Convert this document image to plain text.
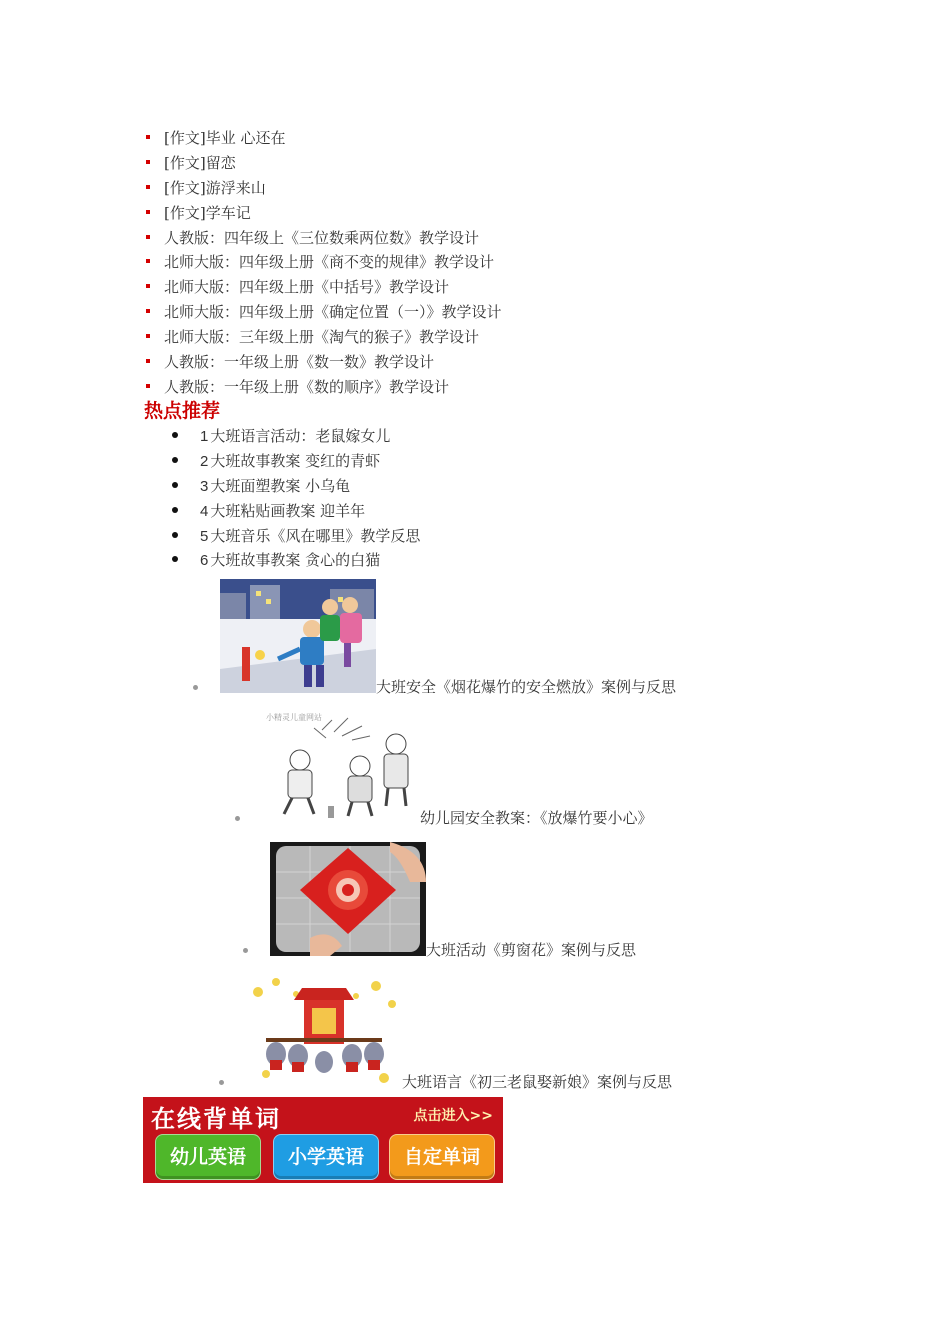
[作文]毕业 心还在
[作文]留恋
[作文]游浮来山
[作文]学车记
人教版：四年级上《三位数乘两位数》教学设计
北师大版：四年级上册《商不变的规律》教学设计
北师大版：四年级上册《中括号》教学设计
北师大版：四年级上册《确定位置（一）》教学设计
北师大版：三年级上册《淘气的猴子》教学设计
人教版：一年级上册《数一数》教学设计
人教版：一年级上册《数的顺序》教学设计
热点推荐
1 大班语言活动：老鼠嫁女儿
2 大班故事教案 变红的青虾
3 大班面塑教案 小乌龟
4 大班粘贴画教案 迎羊年
5 大班音乐《风在哪里》教学反思
6 大班故事教案 贪心的白猫
大班安全《烟花爆竹的安全燃放》案例与反思
小精灵儿童网站
幼儿园安全教案：《放爆竹要小心》
大班活动《剪窗花》案例与反思
大班语言《初三老鼠娶新娘》案例与反思
在线背单词	点击进入>>
幼儿英语	小学英语	自定单词
